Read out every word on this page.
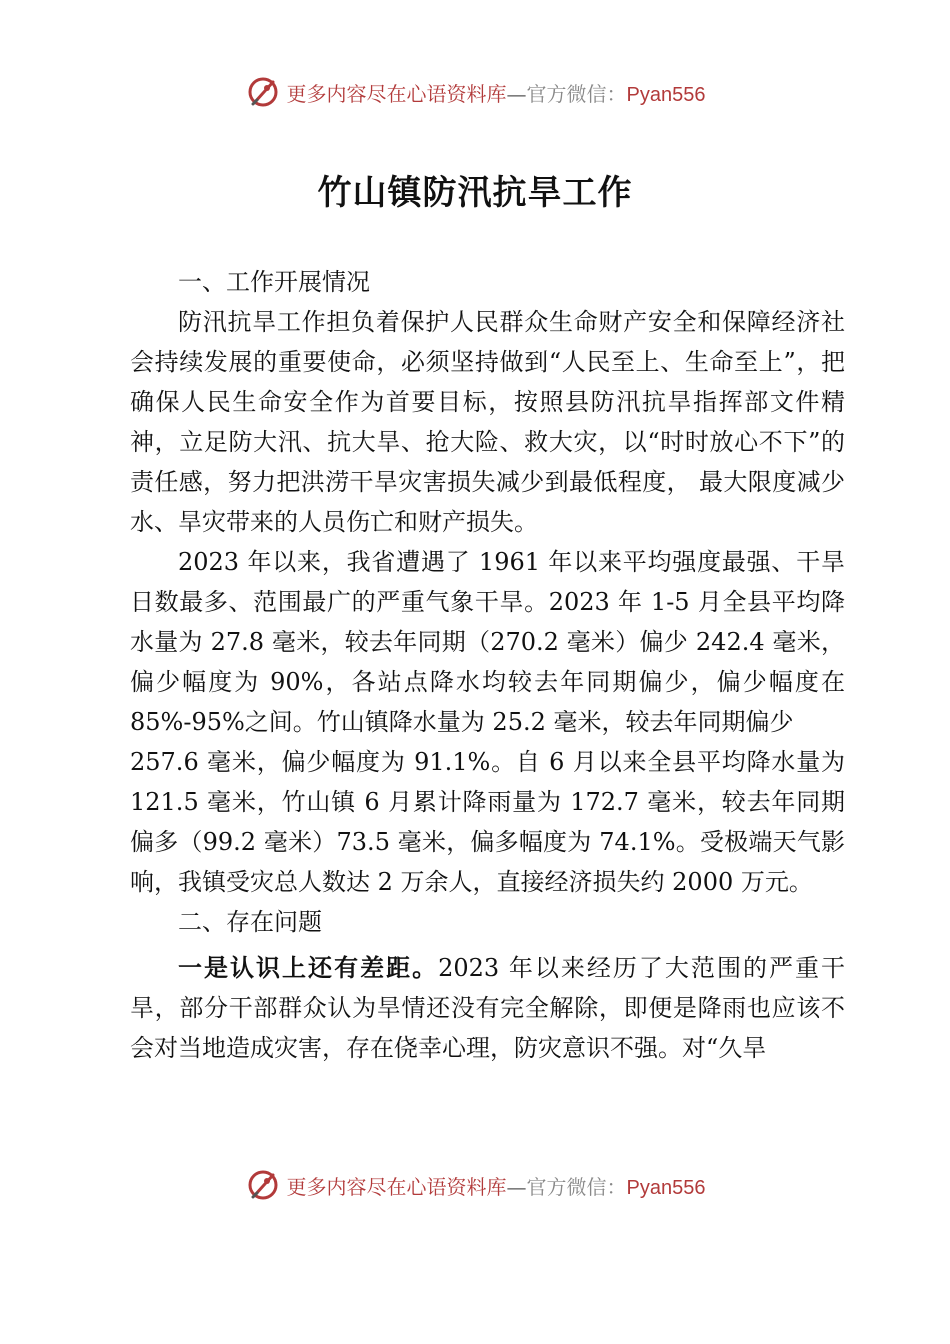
更多内容尽在心语资料库—官方微信：Pyan556
竹山镇防汛抗旱工作

一、工作开展情况

防汛抗旱工作担负着保护人民群众生命财产安全和保障经济社会持续发展的重要使命，必须坚持做到“人民至上、生命至上”，把确保人民生命安全作为首要目标，按照县防汛抗旱指挥部文件精神，立足防大汛、抗大旱、抢大险、救大灾，以“时时放心不下”的责任感，努力把洪涝干旱灾害损失减少到最低程度， 最大限度减少水、旱灾带来的人员伤亡和财产损失。

2023 年以来，我省遭遇了 1961 年以来平均强度最强、干旱日数最多、范围最广的严重气象干旱。2023 年 1-5 月全县平均降水量为 27.8 毫米，较去年同期（270.2 毫米）偏少 242.4 毫米，偏少幅度为 90%，各站点降水均较去年同期偏少，偏少幅度在 85%-95%之间。竹山镇降水量为 25.2 毫米，较去年同期偏少

257.6 毫米，偏少幅度为 91.1%。自 6 月以来全县平均降水量为 121.5 毫米，竹山镇 6 月累计降雨量为 172.7 毫米，较去年同期偏多（99.2 毫米）73.5 毫米，偏多幅度为 74.1%。受极端天气影响，我镇受灾总人数达 2 万余人，直接经济损失约 2000 万元。

二、存在问题

一是认识上还有差距。2023 年以来经历了大范围的严重干旱，部分干部群众认为旱情还没有完全解除，即便是降雨也应该不会对当地造成灾害，存在侥幸心理，防灾意识不强。对“久旱

更多内容尽在心语资料库—官方微信：Pyan556
